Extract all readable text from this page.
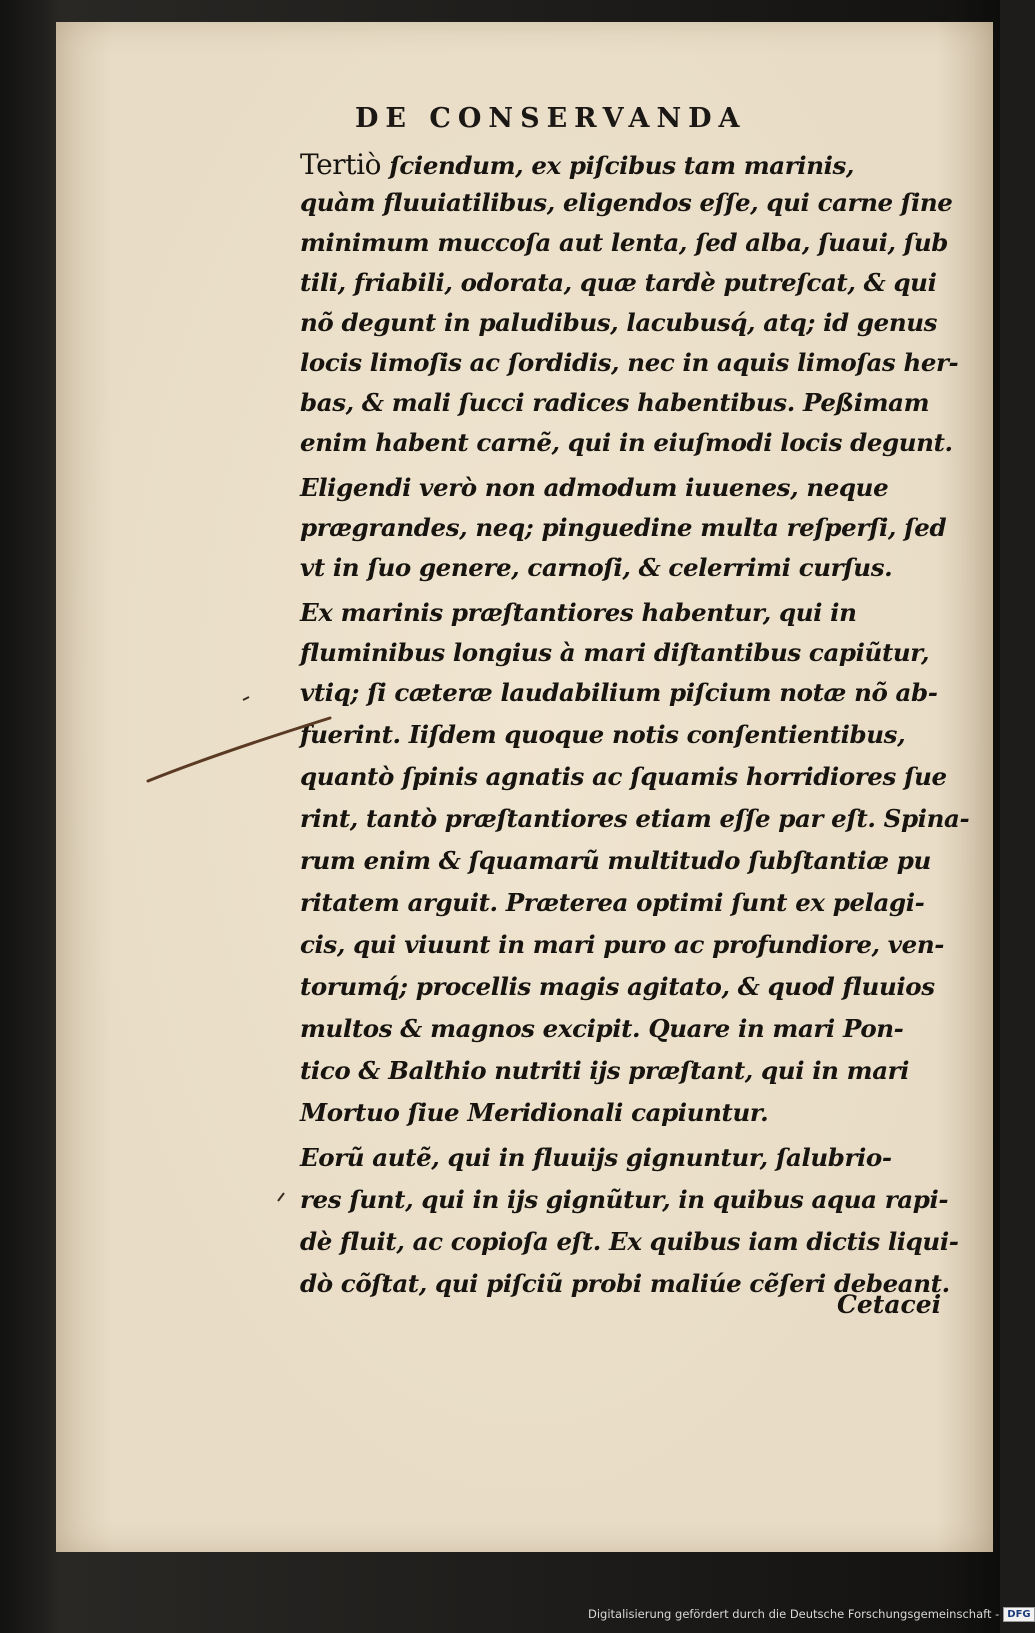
DE CONSERVANDA
Tertiò ſciendum, ex piſcibus tam marinis,
quàm fluuiatilibus, eligendos eſſe, qui carne ſine
minimum muccoſa aut lenta, ſed alba, ſuaui, ſub
tili, friabili, odorata, quæ tardè putreſcat, & qui
nõ degunt in paludibus, lacubusq́, atq; id genus
locis limoſis ac ſordidis, nec in aquis limoſas her-
bas, & mali ſucci radices habentibus. Peßimam
enim habent carnẽ, qui in eiuſmodi locis degunt.
Eligendi verò non admodum iuuenes, neque
prægrandes, neq; pinguedine multa reſperſi, ſed
vt in ſuo genere, carnoſi, & celerrimi curſus.
Ex marinis præſtantiores habentur, qui in
fluminibus longius à mari diſtantibus capiũtur,
vtiq; ſi cæteræ laudabilium piſcium notæ nõ ab-
fuerint. Iiſdem quoque notis conſentientibus,
quantò ſpinis agnatis ac ſquamis horridiores ſue
rint, tantò præſtantiores etiam eſſe par eſt. Spina-
rum enim & ſquamarũ multitudo ſubſtantiæ pu
ritatem arguit. Præterea optimi ſunt ex pelagi-
cis, qui viuunt in mari puro ac profundiore, ven-
torumq́; procellis magis agitato, & quod fluuios
multos & magnos excipit. Quare in mari Pon-
tico & Balthio nutriti ijs præſtant, qui in mari
Mortuo ſiue Meridionali capiuntur.
Eorũ autẽ, qui in fluuijs gignuntur, ſalubrio-
res ſunt, qui in ijs gignũtur, in quibus aqua rapi-
dè fluit, ac copioſa eſt. Ex quibus iam dictis liqui-
dò cõſtat, qui piſciũ probi maliúe cẽſeri debeant.
Cetacei
Digitalisierung gefördert durch die Deutsche Forschungsgemeinschaft - DFG
